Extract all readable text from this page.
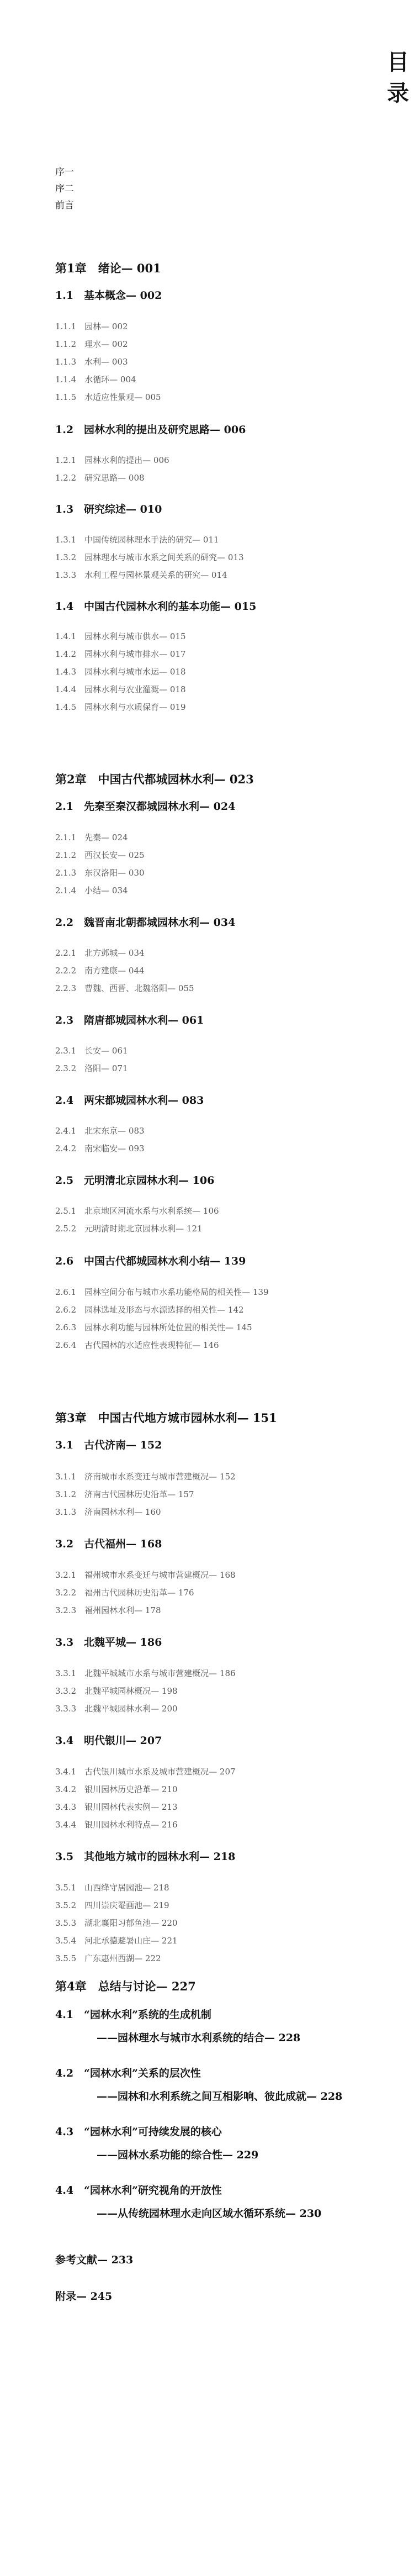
目录
序一
序二
前言
第1章　绪论— 001
1.1　基本概念— 002
1.1.1　园林— 002
1.1.2　理水— 002
1.1.3　水利— 003
1.1.4　水循环— 004
1.1.5　水适应性景观— 005
1.2　园林水利的提出及研究思路— 006
1.2.1　园林水利的提出— 006
1.2.2　研究思路— 008
1.3　研究综述— 010
1.3.1　中国传统园林理水手法的研究— 011
1.3.2　园林理水与城市水系之间关系的研究— 013
1.3.3　水利工程与园林景观关系的研究— 014
1.4　中国古代园林水利的基本功能— 015
1.4.1　园林水利与城市供水— 015
1.4.2　园林水利与城市排水— 017
1.4.3　园林水利与城市水运— 018
1.4.4　园林水利与农业灌溉— 018
1.4.5　园林水利与水质保育— 019
第2章　中国古代都城园林水利— 023
2.1　先秦至秦汉都城园林水利— 024
2.1.1　先秦— 024
2.1.2　西汉长安— 025
2.1.3　东汉洛阳— 030
2.1.4　小结— 034
2.2　魏晋南北朝都城园林水利— 034
2.2.1　北方邺城— 034
2.2.2　南方建康— 044
2.2.3　曹魏、西晋、北魏洛阳— 055
2.3　隋唐都城园林水利— 061
2.3.1　长安— 061
2.3.2　洛阳— 071
2.4　两宋都城园林水利— 083
2.4.1　北宋东京— 083
2.4.2　南宋临安— 093
2.5　元明清北京园林水利— 106
2.5.1　北京地区河流水系与水利系统— 106
2.5.2　元明清时期北京园林水利— 121
2.6　中国古代都城园林水利小结— 139
2.6.1　园林空间分布与城市水系功能格局的相关性— 139
2.6.2　园林选址及形态与水源选择的相关性— 142
2.6.3　园林水利功能与园林所处位置的相关性— 145
2.6.4　古代园林的水适应性表现特征— 146
第3章　中国古代地方城市园林水利— 151
3.1　古代济南— 152
3.1.1　济南城市水系变迁与城市营建概况— 152
3.1.2　济南古代园林历史沿革— 157
3.1.3　济南园林水利— 160
3.2　古代福州— 168
3.2.1　福州城市水系变迁与城市营建概况— 168
3.2.2　福州古代园林历史沿革— 176
3.2.3　福州园林水利— 178
3.3　北魏平城— 186
3.3.1　北魏平城城市水系与城市营建概况— 186
3.3.2　北魏平城园林概况— 198
3.3.3　北魏平城园林水利— 200
3.4　明代银川— 207
3.4.1　古代银川城市水系及城市营建概况— 207
3.4.2　银川园林历史沿革— 210
3.4.3　银川园林代表实例— 213
3.4.4　银川园林水利特点— 216
3.5　其他地方城市的园林水利— 218
3.5.1　山西绛守居园池— 218
3.5.2　四川崇庆罨画池— 219
3.5.3　湖北襄阳习郁鱼池— 220
3.5.4　河北承德避暑山庄— 221
3.5.5　广东惠州西湖— 222
第4章　总结与讨论— 227
4.1　“园林水利”系统的生成机制
——园林理水与城市水利系统的结合— 228
4.2　“园林水利”关系的层次性
——园林和水利系统之间互相影响、彼此成就— 228
4.3　“园林水利”可持续发展的核心
——园林水系功能的综合性— 229
4.4　“园林水利”研究视角的开放性
——从传统园林理水走向区域水循环系统— 230
参考文献— 233
附录— 245
